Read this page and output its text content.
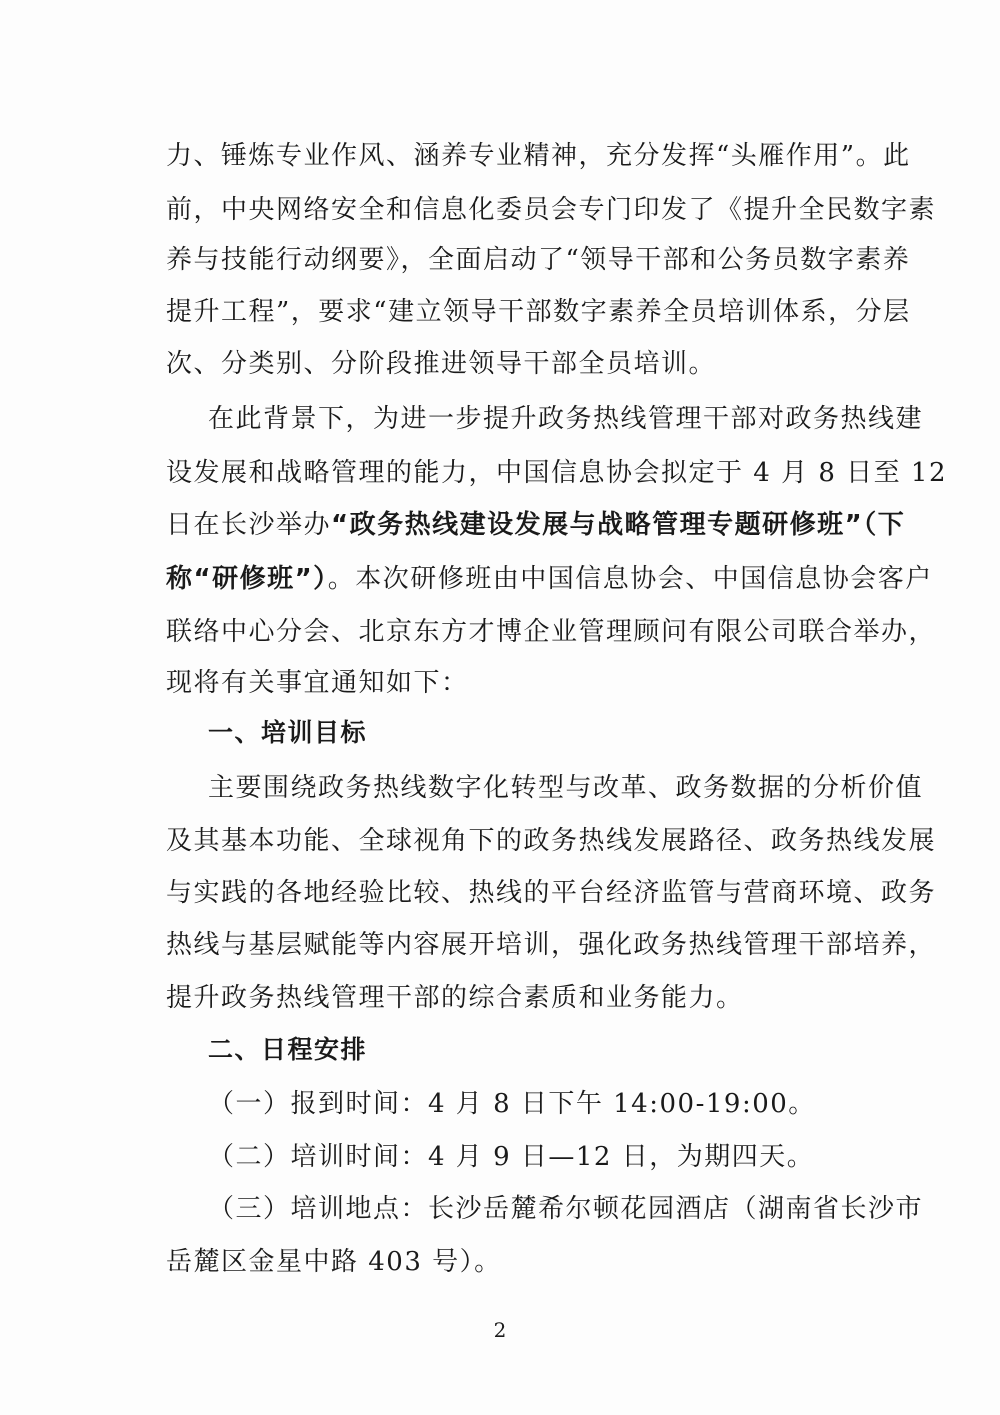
力、锤炼专业作风、涵养专业精神，充分发挥“头雁作用”。此
前，中央网络安全和信息化委员会专门印发了《提升全民数字素
养与技能行动纲要》，全面启动了“领导干部和公务员数字素养
提升工程”，要求“建立领导干部数字素养全员培训体系，分层
次、分类别、分阶段推进领导干部全员培训。
在此背景下，为进一步提升政务热线管理干部对政务热线建
设发展和战略管理的能力，中国信息协会拟定于 4 月 8 日至 12
日在长沙举办“政务热线建设发展与战略管理专题研修班”（下
称“研修班”）。本次研修班由中国信息协会、中国信息协会客户
联络中心分会、北京东方才博企业管理顾问有限公司联合举办，
现将有关事宜通知如下：
一、培训目标
主要围绕政务热线数字化转型与改革、政务数据的分析价值
及其基本功能、全球视角下的政务热线发展路径、政务热线发展
与实践的各地经验比较、热线的平台经济监管与营商环境、政务
热线与基层赋能等内容展开培训，强化政务热线管理干部培养，
提升政务热线管理干部的综合素质和业务能力。
二、日程安排
（一）报到时间：4 月 8 日下午 14:00-19:00。
（二）培训时间：4 月 9 日—12 日，为期四天。
（三）培训地点：长沙岳麓希尔顿花园酒店（湖南省长沙市
岳麓区金星中路 403 号）。
2
